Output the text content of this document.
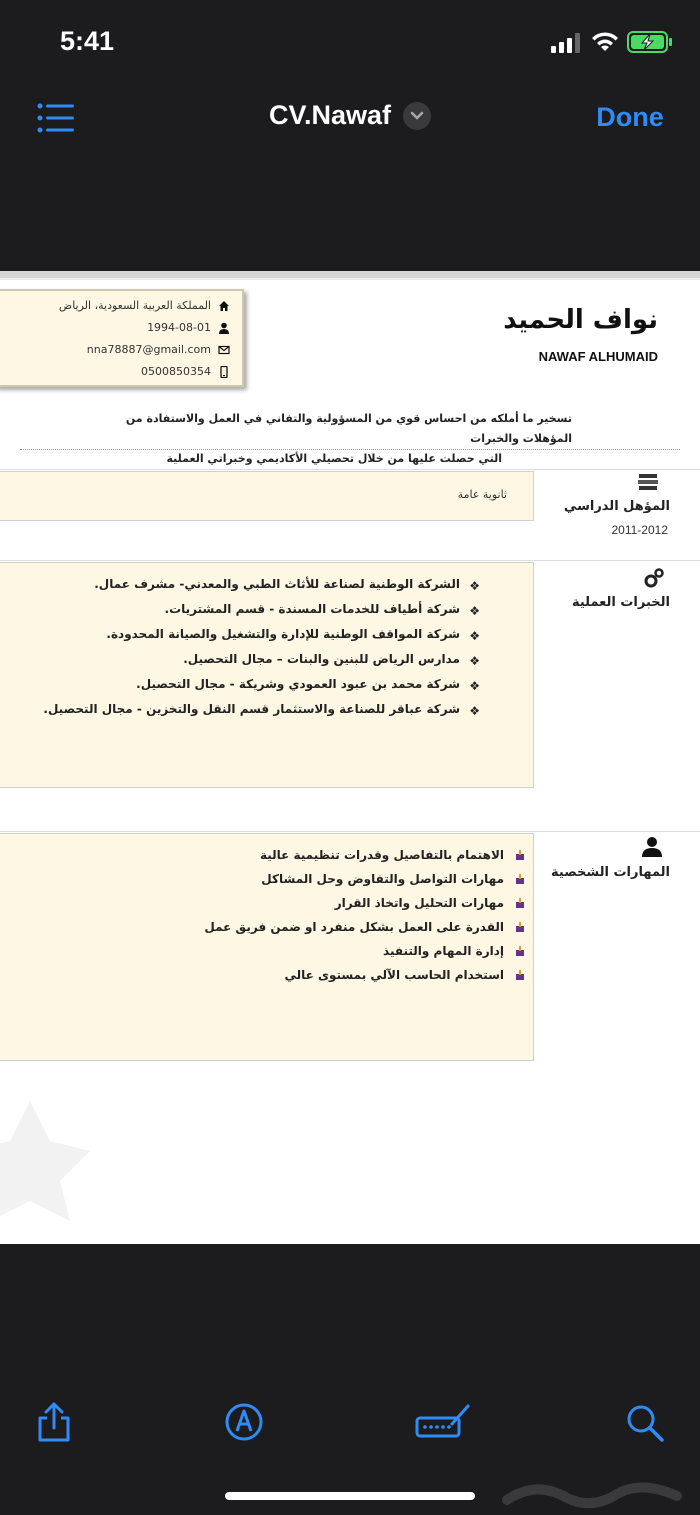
5:41
CV.Nawaf	Done
المملكة العربية السعودية، الرياض
1994-08-01
nna78887@gmail.com
0500850354
نواف الحميد
NAWAF ALHUMAID
تسخير ما أملكه من احساس قوي من المسؤولية والتفاني في العمل والاستفادة من المؤهلات والخبرات
التي حصلت عليها من خلال تحصيلي الأكاديمي وخبراتي العملية
ثانوية عامة
المؤهل الدراسي
2011-2012
الخبرات العملية
❖
الشركة الوطنية لصناعة للأثاث الطبي والمعدني- مشرف عمال.
❖
شركة أطياف للخدمات المسندة - قسم المشتريات.
❖
شركة المواقف الوطنية للإدارة والتشغيل والصيانة المحدودة.
❖
مدارس الرياض للبنين والبنات – مجال التحصيل.
❖
شركة محمد بن عبود العمودي وشريكة - مجال التحصيل.
❖
شركة عباقر للصناعة والاستثمار قسم النقل والتخزين - مجال التحصيل.
المهارات الشخصية
الاهتمام بالتفاصيل وقدرات تنظيمية عالية
مهارات التواصل والتفاوض وحل المشاكل
مهارات التحليل واتخاذ القرار
القدرة على العمل بشكل منفرد او ضمن فريق عمل
إدارة المهام والتنفيذ
استخدام الحاسب الآلي بمستوى عالي
